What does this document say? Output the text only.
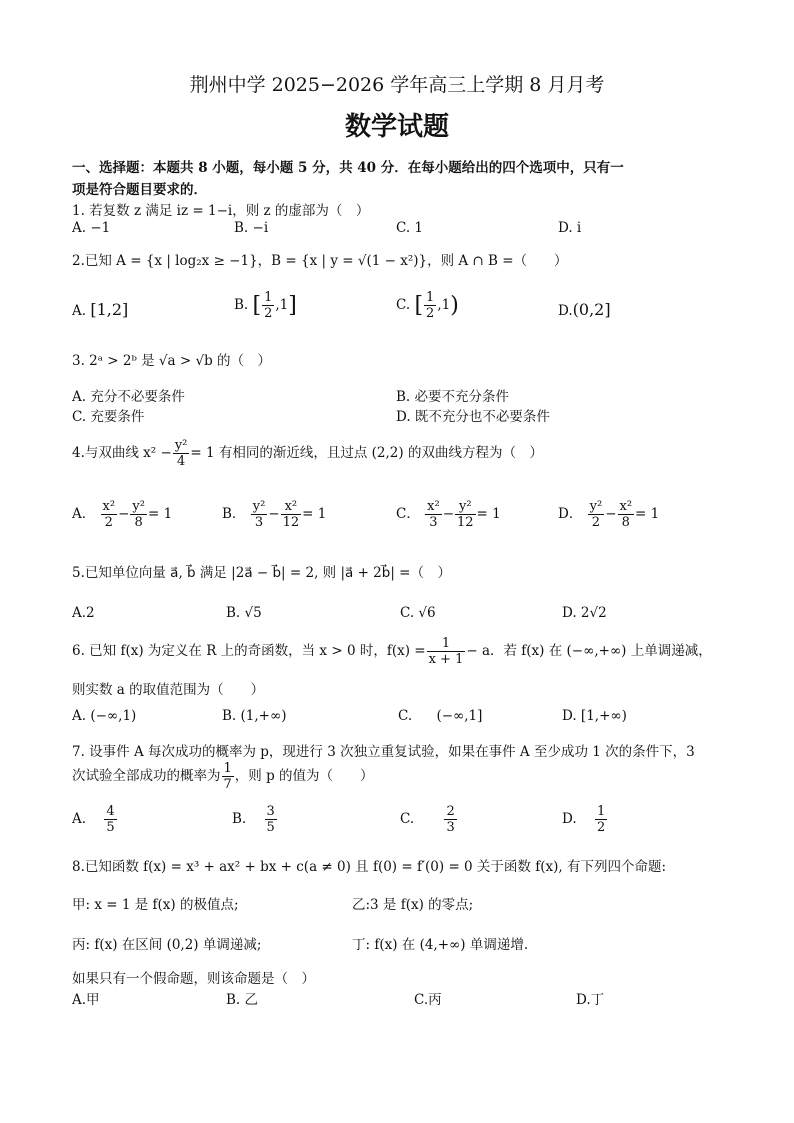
荆州中学 2025−2026 学年高三上学期 8 月月考
数学试题
一、选择题：本题共 8 小题，每小题 5 分，共 40 分．在每小题给出的四个选项中，只有一
项是符合题目要求的．
1. 若复数 z 满足 iz = 1−i，则 z 的虚部为（　）
A. −1	B. −i	C. 1	D. i
2.已知 A = {x | log₂x ≥ −1}，B = {x | y = √(1 − x²)}，则 A ∩ B =（　　）
A. [1,2]	B. [ $\frac{1}{2} ,1$]	C. [ $\frac{1}{2} ,1$)	D.(0,2]
3. 2ᵃ > 2ᵇ 是 √a > √b 的（　）
A. 充分不必要条件	B. 必要不充分条件
C. 充要条件	D. 既不充分也不必要条件
4.与双曲线 $x^2 - \frac{\text{y²}}{4} = 1$ 有相同的渐近线，且过点 (2,2) 的双曲线方程为（　）
A． $\frac{\text{x²}}{2} - \frac{\text{y²}}{8} = 1$	B． $\frac{\text{y²}}{3} - \frac{\text{x²}}{12} = 1$	C． $\frac{\text{x²}}{3} - \frac{\text{y²}}{12} = 1$	D． $\frac{\text{y²}}{2} - \frac{\text{x²}}{8} = 1$
5.已知单位向量 a⃗, b⃗ 满足 |2a⃗ − b⃗| = 2, 则 |a⃗ + 2b⃗| =（　）
A.2	B. √5	C. √6	D. 2√2
6. 已知 f(x) 为定义在 R 上的奇函数，当 x > 0 时，$f(x) = \frac{1}{x + 1} - a$．若 f(x) 在 (−∞,+∞) 上单调递减，
则实数 a 的取值范围为（　　）
A. (−∞,1)	B. (1,+∞)	C. (−∞,1]	D. [1,+∞)
7. 设事件 A 每次成功的概率为 p，现进行 3 次独立重复试验，如果在事件 A 至少成功 1 次的条件下，3
次试验全部成功的概率为 $\frac{1}{7}$ ，则 p 的值为（　　）
A. $\frac{4}{5}$	B. $\frac{3}{5}$	C. $\frac{2}{3}$	D. $\frac{1}{2}$
8.已知函数 f(x) = x³ + ax² + bx + c(a ≠ 0) 且 f(0) = f′(0) = 0 关于函数 f(x), 有下列四个命题:
甲: x = 1 是 f(x) 的极值点;	乙:3 是 f(x) 的零点;
丙: f(x) 在区间 (0,2) 单调递减;	丁: f(x) 在 (4,+∞) 单调递增.
如果只有一个假命题，则该命题是（　）
A.甲	B. 乙	C.丙	D.丁
